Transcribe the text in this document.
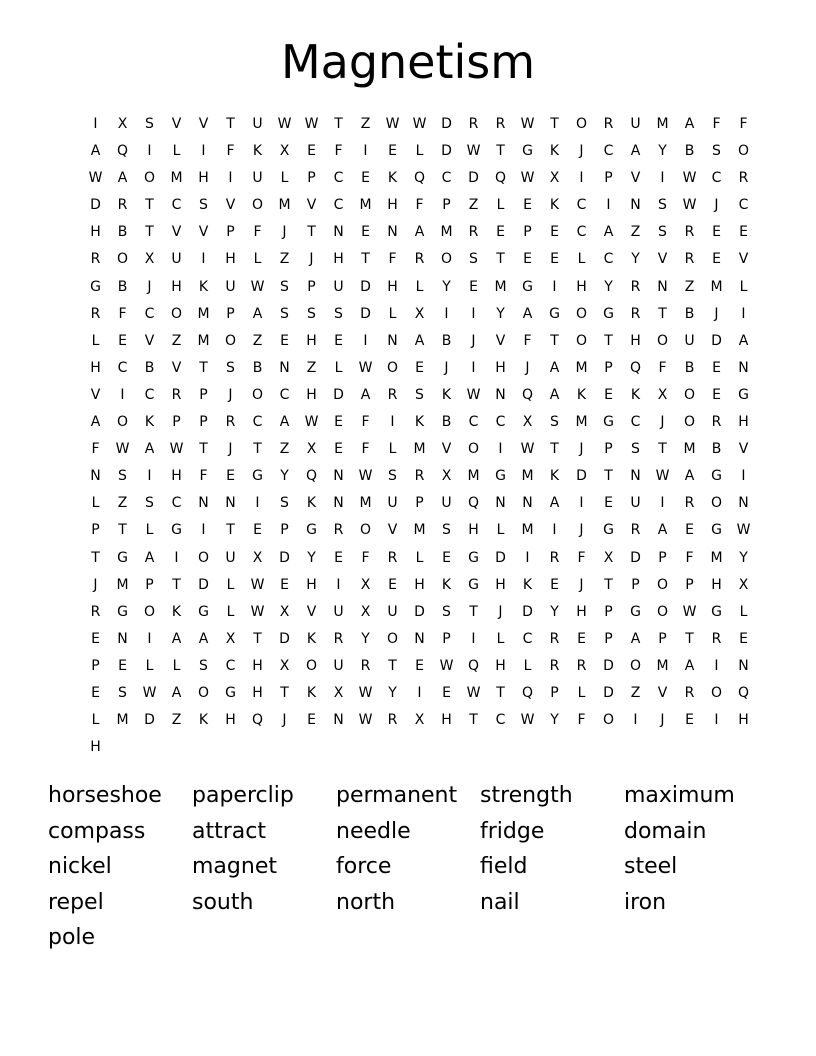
Magnetism
I	X	S	V	V	T	U	W W	T	Z	W W	D	R	R	W	T	O	R	U	M	A	F	F
A	Q	I	L	I	F	K	X	E	F	I	E	L	D	W	T	G	K	J	C	A	Y	B	S	O
W	A	O	M	H	I	U	L	P	C	E	K	Q	C	D	Q	W	X	I	P	V	I	W	C	R
D	R	T	C	S	V	O	M	V	C	M	H	F	P	Z	L	E	K	C	I	N	S	W	J	C
H	B	T	V	V	P	F	J	T	N	E	N	A	M	R	E	P	E	C	A	Z	S	R	E	E
R	O	X	U	I	H	L	Z	J	H	T	F	R	O	S	T	E	E	L	C	Y	V	R	E	V
G	B	J	H	K	U	W	S	P	U	D	H	L	Y	E	M	G	I	H	Y	R	N	Z	M	L
R	F	C	O	M	P	A	S	S	S	D	L	X	I	I	Y	A	G	O	G	R	T	B	J	I
L	E	V	Z	M	O	Z	E	H	E	I	N	A	B	J	V	F	T	O	T	H	O	U	D	A
H	C	B	V	T	S	B	N	Z	L	W	O	E	J	I	H	J	A	M	P	Q	F	B	E	N
V	I	C	R	P	J	O	C	H	D	A	R	S	K	W	N	Q	A	K	E	K	X	O	E	G
A	O	K	P	P	R	C	A	W	E	F	I	K	B	C	C	X	S	M	G	C	J	O	R	H
F	W	A	W	T	J	T	Z	X	E	F	L	M	V	O	I	W	T	J	P	S	T	M	B	V
N	S	I	H	F	E	G	Y	Q	N	W	S	R	X	M	G	M	K	D	T	N	W	A	G	I
L	Z	S	C	N	N	I	S	K	N	M	U	P	U	Q	N	N	A	I	E	U	I	R	O	N
P	T	L	G	I	T	E	P	G	R	O	V	M	S	H	L	M	I	J	G	R	A	E	G	W
T	G	A	I	O	U	X	D	Y	E	F	R	L	E	G	D	I	R	F	X	D	P	F	M	Y
J	M	P	T	D	L	W	E	H	I	X	E	H	K	G	H	K	E	J	T	P	O	P	H	X
R	G	O	K	G	L	W	X	V	U	X	U	D	S	T	J	D	Y	H	P	G	O	W	G	L
E	N	I	A	A	X	T	D	K	R	Y	O	N	P	I	L	C	R	E	P	A	P	T	R	E
P	E	L	L	S	C	H	X	O	U	R	T	E	W	Q	H	L	R	R	D	O	M	A	I	N
E	S	W	A	O	G	H	T	K	X	W	Y	I	E	W	T	Q	P	L	D	Z	V	R	O	Q
L	M	D	Z	K	H	Q	J	E	N	W	R	X	H	T	C	W	Y	F	O	I	J	E	I	H
H
horseshoe	paperclip	permanent	strength	maximum
compass	attract	needle	fridge	domain
nickel	magnet	force	field	steel
repel	south	north	nail	iron
pole
